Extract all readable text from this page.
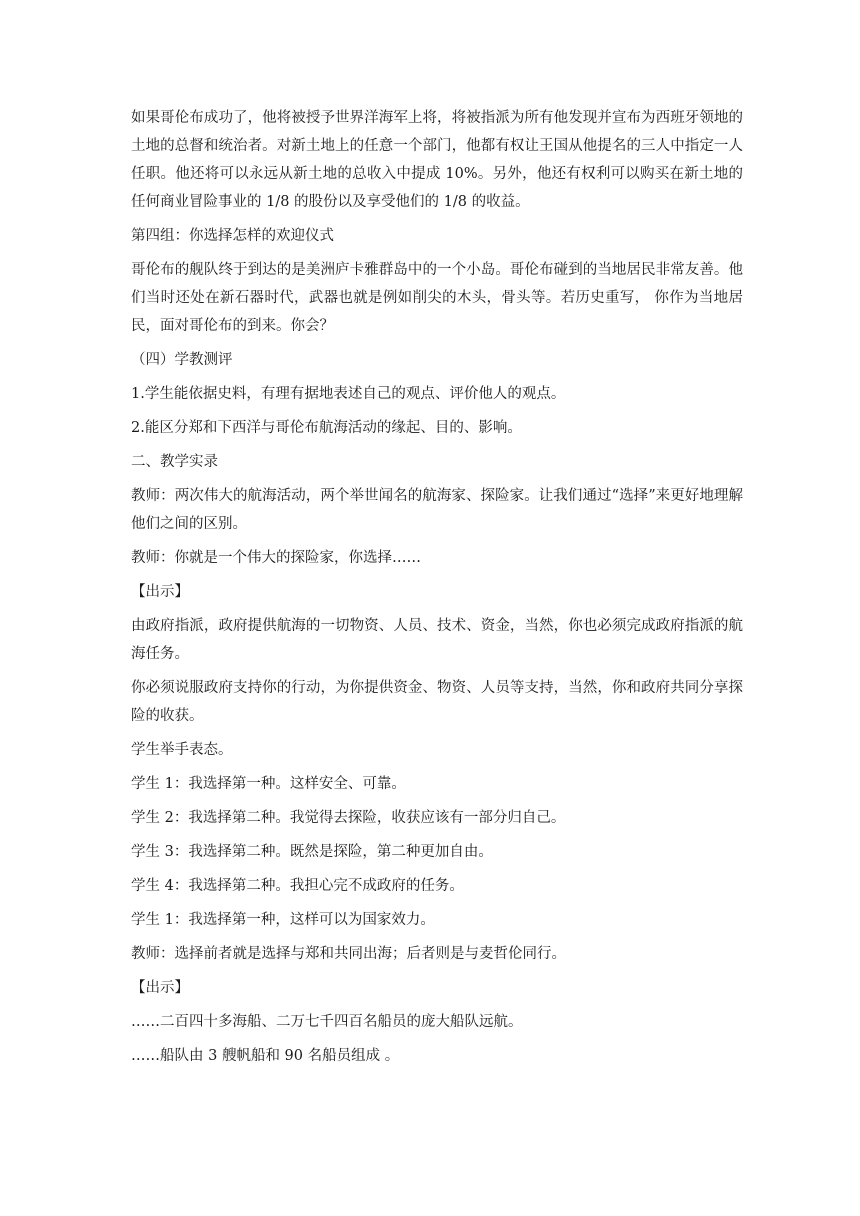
如果哥伦布成功了，他将被授予世界洋海军上将，将被指派为所有他发现并宣布为西班牙领地的土地的总督和统治者。对新土地上的任意一个部门，他都有权让王国从他提名的三人中指定一人任职。他还将可以永远从新土地的总收入中提成 10%。另外，他还有权利可以购买在新土地的任何商业冒险事业的 1/8 的股份以及享受他们的 1/8 的收益。

第四组：你选择怎样的欢迎仪式

哥伦布的舰队终于到达的是美洲庐卡雅群岛中的一个小岛。哥伦布碰到的当地居民非常友善。他们当时还处在新石器时代，武器也就是例如削尖的木头，骨头等。若历史重写， 你作为当地居民，面对哥伦布的到来。你会？

（四）学教测评

1.学生能依据史料，有理有据地表述自己的观点、评价他人的观点。

2.能区分郑和下西洋与哥伦布航海活动的缘起、目的、影响。

二、教学实录

教师：两次伟大的航海活动，两个举世闻名的航海家、探险家。让我们通过“选择”来更好地理解他们之间的区别。

教师：你就是一个伟大的探险家，你选择……

【出示】

由政府指派，政府提供航海的一切物资、人员、技术、资金，当然，你也必须完成政府指派的航海任务。

你必须说服政府支持你的行动，为你提供资金、物资、人员等支持，当然，你和政府共同分享探险的收获。

学生举手表态。

学生 1：我选择第一种。这样安全、可靠。

学生 2：我选择第二种。我觉得去探险，收获应该有一部分归自己。

学生 3：我选择第二种。既然是探险，第二种更加自由。

学生 4：我选择第二种。我担心完不成政府的任务。

学生 1：我选择第一种，这样可以为国家效力。

教师：选择前者就是选择与郑和共同出海；后者则是与麦哲伦同行。

【出示】

……二百四十多海船、二万七千四百名船员的庞大船队远航。

……船队由 3 艘帆船和 90 名船员组成 。
